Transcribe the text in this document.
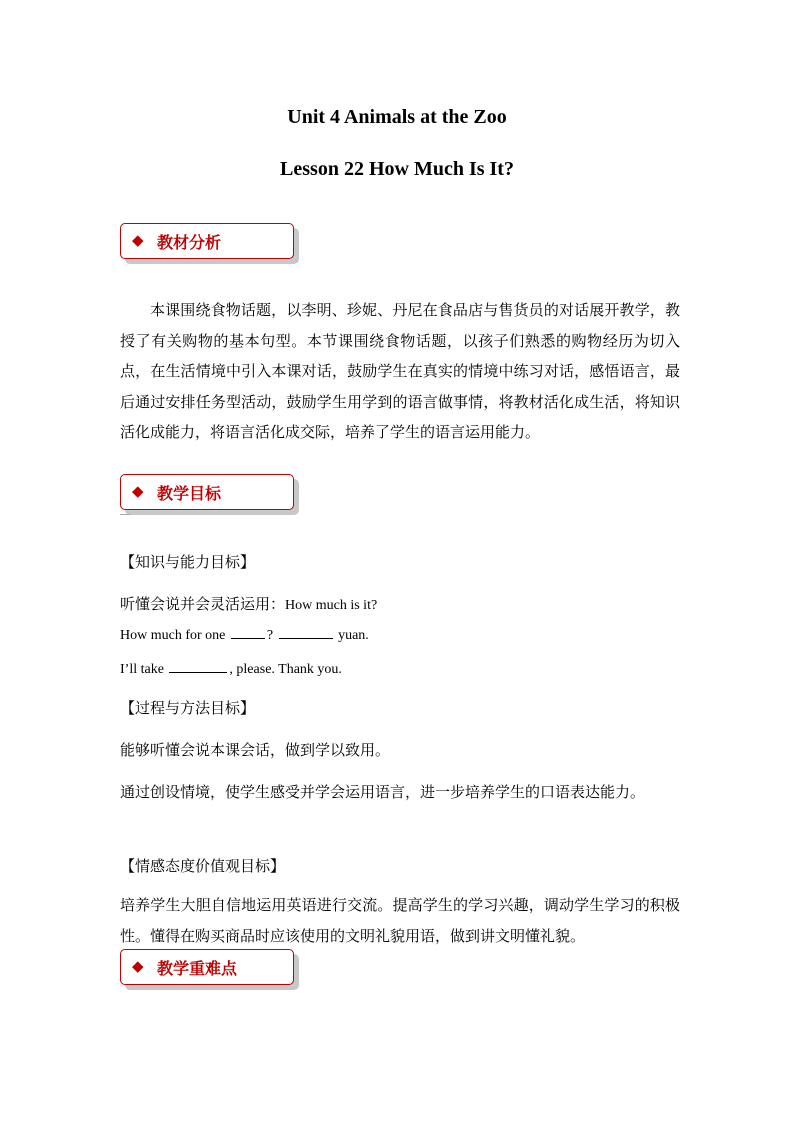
Unit 4 Animals at the Zoo
Lesson 22 How Much Is It?
◆ 教材分析
本课围绕食物话题，以李明、珍妮、丹尼在食品店与售货员的对话展开教学，教授了有关购物的基本句型。本节课围绕食物话题，以孩子们熟悉的购物经历为切入点，在生活情境中引入本课对话，鼓励学生在真实的情境中练习对话，感悟语言，最后通过安排任务型活动，鼓励学生用学到的语言做事情，将教材活化成生活，将知识活化成能力，将语言活化成交际，培养了学生的语言运用能力。
◆ 教学目标
【知识与能力目标】
听懂会说并会灵活运用：How much is it?
How much for one	?	yuan.
I’ll take	, please. Thank you.
【过程与方法目标】
能够听懂会说本课会话，做到学以致用。
通过创设情境，使学生感受并学会运用语言，进一步培养学生的口语表达能力。
【情感态度价值观目标】
培养学生大胆自信地运用英语进行交流。提高学生的学习兴趣，调动学生学习的积极性。懂得在购买商品时应该使用的文明礼貌用语，做到讲文明懂礼貌。
◆ 教学重难点
